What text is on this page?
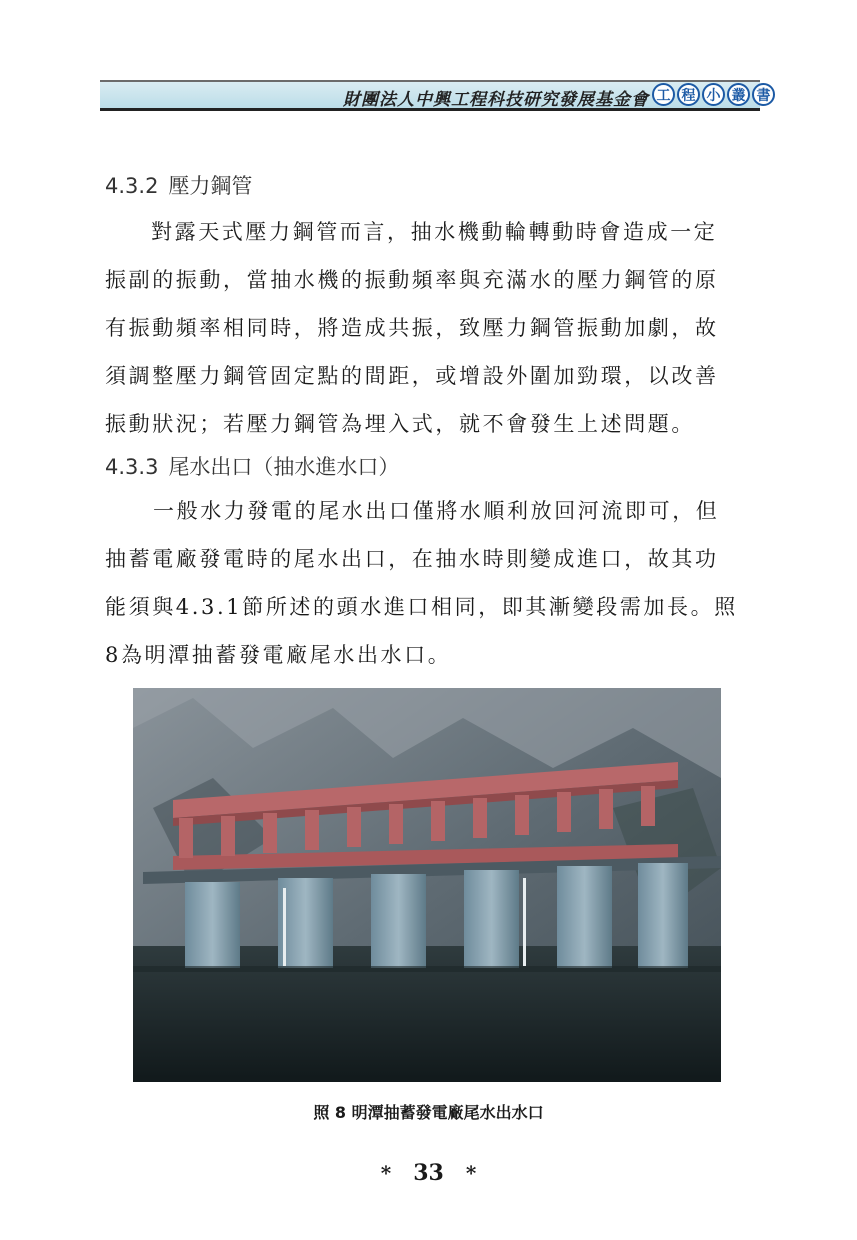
財團法人中興工程科技研究發展基金會 工 程 小 叢 書
4.3.2 壓力鋼管
對露天式壓力鋼管而言，抽水機動輪轉動時會造成一定
振副的振動，當抽水機的振動頻率與充滿水的壓力鋼管的原
有振動頻率相同時，將造成共振，致壓力鋼管振動加劇，故
須調整壓力鋼管固定點的間距，或增設外圍加勁環，以改善
振動狀況；若壓力鋼管為埋入式，就不會發生上述問題。
4.3.3 尾水出口（抽水進水口）
一般水力發電的尾水出口僅將水順利放回河流即可，但
抽蓄電廠發電時的尾水出口，在抽水時則變成進口，故其功
能須與4.3.1節所述的頭水進口相同，即其漸變段需加長。照
8為明潭抽蓄發電廠尾水出水口。
照 8 明潭抽蓄發電廠尾水出水口
* 33 *
